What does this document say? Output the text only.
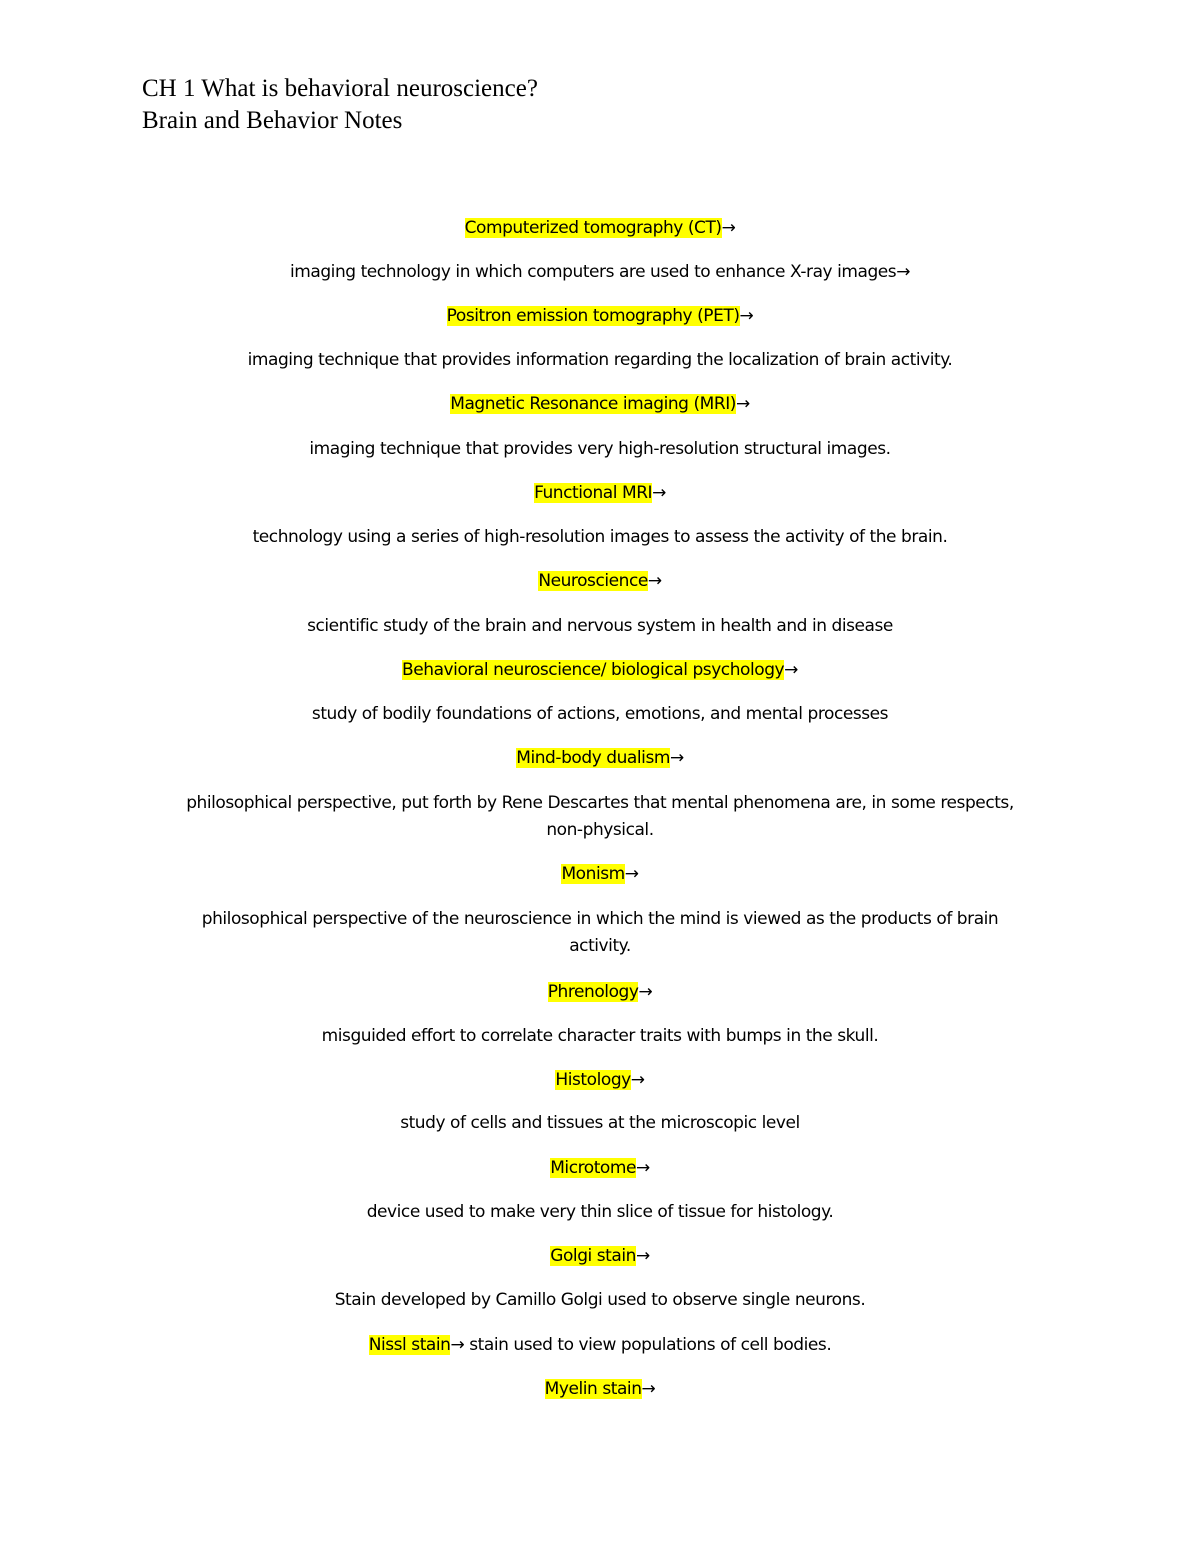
CH 1 What is behavioral neuroscience?
Brain and Behavior Notes
Computerized tomography (CT)→
imaging technology in which computers are used to enhance X-ray images→
Positron emission tomography (PET)→
imaging technique that provides information regarding the localization of brain activity.
Magnetic Resonance imaging (MRI)→
imaging technique that provides very high-resolution structural images.
Functional MRI→
technology using a series of high-resolution images to assess the activity of the brain.
Neuroscience→
scientific study of the brain and nervous system in health and in disease
Behavioral neuroscience/ biological psychology→
study of bodily foundations of actions, emotions, and mental processes
Mind-body dualism→
philosophical perspective, put forth by Rene Descartes that mental phenomena are, in some respects,
non-physical.
Monism→
philosophical perspective of the neuroscience in which the mind is viewed as the products of brain
activity.
Phrenology→
misguided effort to correlate character traits with bumps in the skull.
Histology→
study of cells and tissues at the microscopic level
Microtome→
device used to make very thin slice of tissue for histology.
Golgi stain→
Stain developed by Camillo Golgi used to observe single neurons.
Nissl stain→ stain used to view populations of cell bodies.
Myelin stain→
